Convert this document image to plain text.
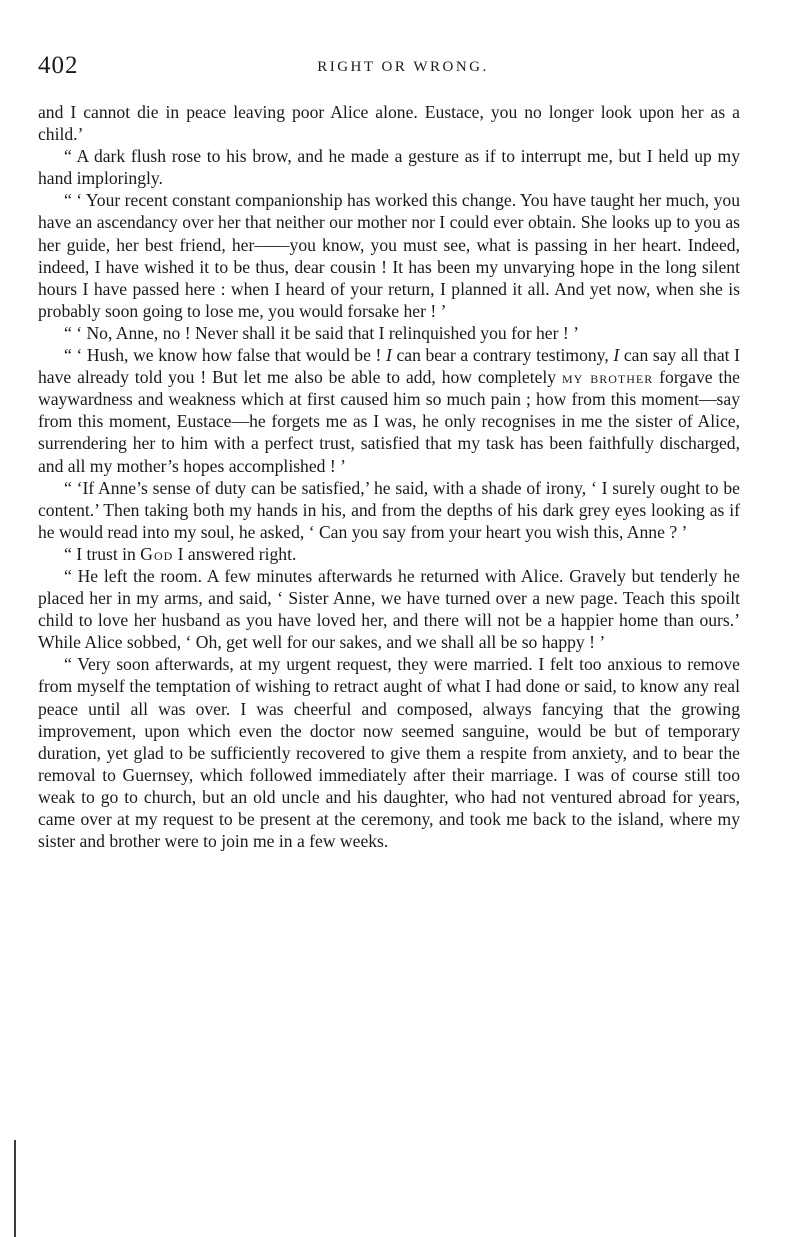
402	RIGHT OR WRONG.

and I cannot die in peace leaving poor Alice alone. Eustace, you no longer look upon her as a child.’

“ A dark flush rose to his brow, and he made a gesture as if to interrupt me, but I held up my hand imploringly.

“ ‘ Your recent constant companionship has worked this change. You have taught her much, you have an ascendancy over her that neither our mother nor I could ever obtain. She looks up to you as her guide, her best friend, her——you know, you must see, what is passing in her heart. Indeed, indeed, I have wished it to be thus, dear cousin ! It has been my unvarying hope in the long silent hours I have passed here : when I heard of your return, I planned it all. And yet now, when she is probably soon going to lose me, you would forsake her ! ’

“ ‘ No, Anne, no ! Never shall it be said that I relinquished you for her ! ’

“ ‘ Hush, we know how false that would be ! I can bear a contrary testimony, I can say all that I have already told you ! But let me also be able to add, how completely my brother forgave the waywardness and weakness which at first caused him so much pain ; how from this moment—say from this moment, Eustace—he forgets me as I was, he only recognises in me the sister of Alice, surrendering her to him with a perfect trust, satisfied that my task has been faithfully discharged, and all my mother’s hopes accomplished ! ’

“ ‘If Anne’s sense of duty can be satisfied,’ he said, with a shade of irony, ‘ I surely ought to be content.’ Then taking both my hands in his, and from the depths of his dark grey eyes looking as if he would read into my soul, he asked, ‘ Can you say from your heart you wish this, Anne ? ’

“ I trust in God I answered right.

“ He left the room. A few minutes afterwards he returned with Alice. Gravely but tenderly he placed her in my arms, and said, ‘ Sister Anne, we have turned over a new page. Teach this spoilt child to love her husband as you have loved her, and there will not be a happier home than ours.’ While Alice sobbed, ‘ Oh, get well for our sakes, and we shall all be so happy ! ’

“ Very soon afterwards, at my urgent request, they were married. I felt too anxious to remove from myself the temptation of wishing to retract aught of what I had done or said, to know any real peace until all was over. I was cheerful and composed, always fancying that the growing improvement, upon which even the doctor now seemed sanguine, would be but of temporary duration, yet glad to be sufficiently recovered to give them a respite from anxiety, and to bear the removal to Guernsey, which followed immediately after their marriage. I was of course still too weak to go to church, but an old uncle and his daughter, who had not ventured abroad for years, came over at my request to be present at the ceremony, and took me back to the island, where my sister and brother were to join me in a few weeks.
